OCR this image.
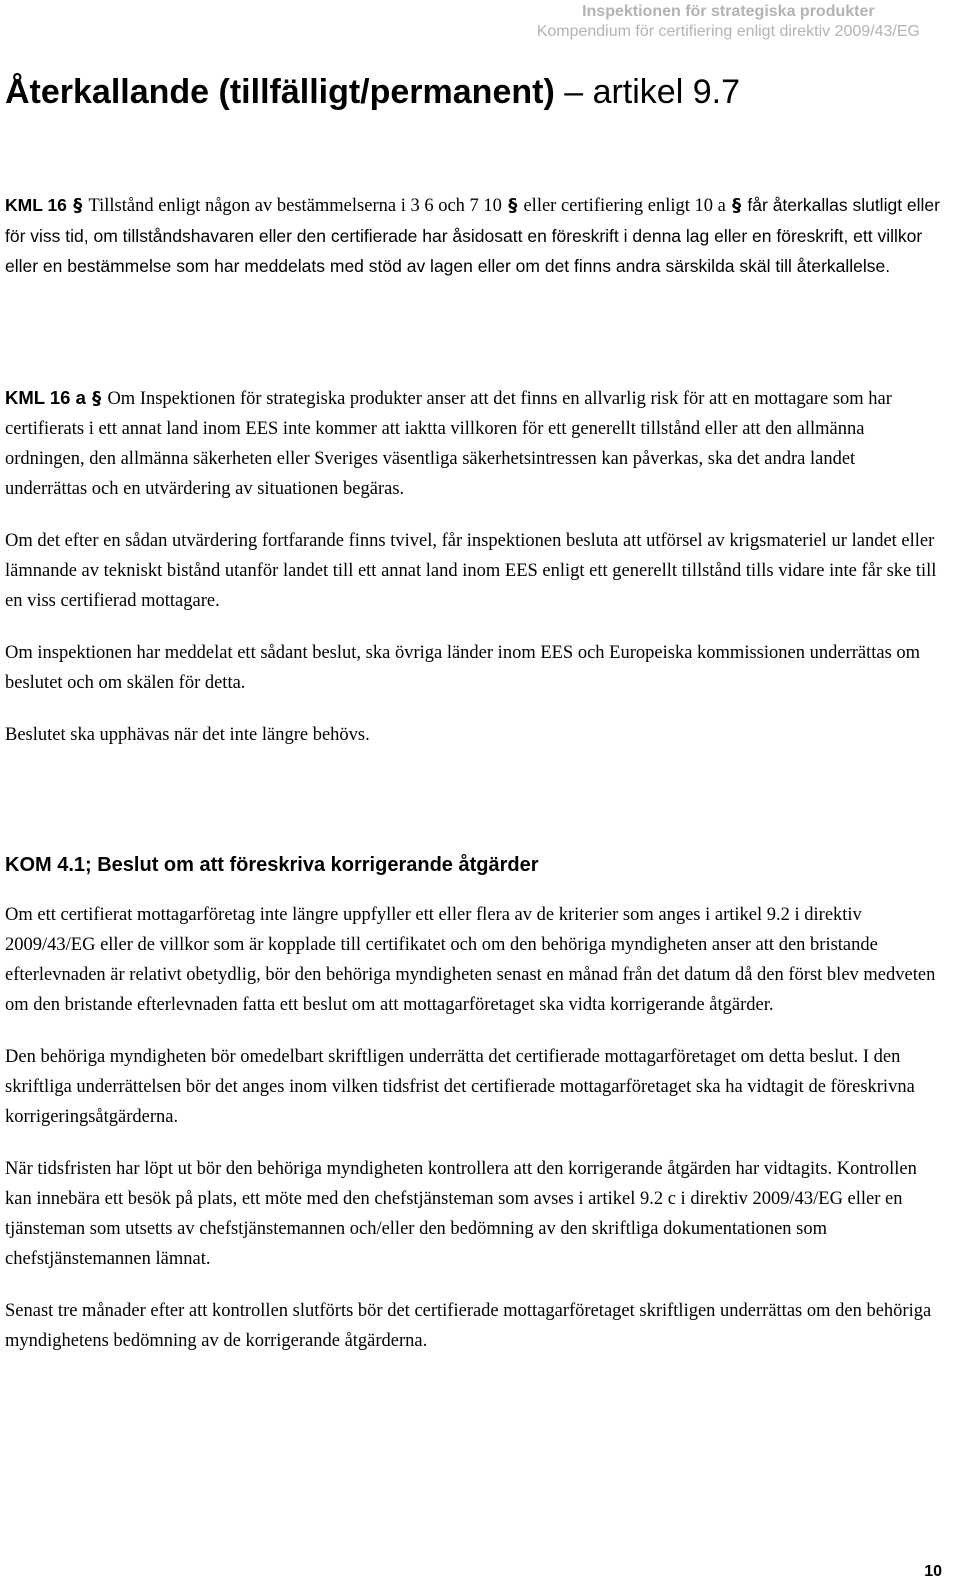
Inspektionen för strategiska produkter
Kompendium för certifiering enligt direktiv 2009/43/EG
Återkallande (tillfälligt/permanent) – artikel 9.7

KML 16 § Tillstånd enligt någon av bestämmelserna i 3 6 och 7 10 § eller certifiering enligt 10 a § får återkallas slutligt eller för viss tid, om tillståndshavaren eller den certifierade har åsidosatt en föreskrift i denna lag eller en föreskrift, ett villkor eller en bestämmelse som har meddelats med stöd av lagen eller om det finns andra särskilda skäl till återkallelse.

KML 16 a § Om Inspektionen för strategiska produkter anser att det finns en allvarlig risk för att en mottagare som har certifierats i ett annat land inom EES inte kommer att iaktta villkoren för ett generellt tillstånd eller att den allmänna ordningen, den allmänna säkerheten eller Sveriges väsentliga säkerhetsintressen kan påverkas, ska det andra landet underrättas och en utvärdering av situationen begäras.

Om det efter en sådan utvärdering fortfarande finns tvivel, får inspektionen besluta att utförsel av krigsmateriel ur landet eller lämnande av tekniskt bistånd utanför landet till ett annat land inom EES enligt ett generellt tillstånd tills vidare inte får ske till en viss certifierad mottagare.

Om inspektionen har meddelat ett sådant beslut, ska övriga länder inom EES och Europeiska kommissionen underrättas om beslutet och om skälen för detta.

Beslutet ska upphävas när det inte längre behövs.

KOM 4.1; Beslut om att föreskriva korrigerande åtgärder

Om ett certifierat mottagarföretag inte längre uppfyller ett eller flera av de kriterier som anges i artikel 9.2 i direktiv 2009/43/EG eller de villkor som är kopplade till certifikatet och om den behöriga myndigheten anser att den bristande efterlevnaden är relativt obetydlig, bör den behöriga myndigheten senast en månad från det datum då den först blev medveten om den bristande efterlevnaden fatta ett beslut om att mottagarföretaget ska vidta korrigerande åtgärder.

Den behöriga myndigheten bör omedelbart skriftligen underrätta det certifierade mottagarföretaget om detta beslut. I den skriftliga underrättelsen bör det anges inom vilken tidsfrist det certifierade mottagarföretaget ska ha vidtagit de föreskrivna korrigeringsåtgärderna.

När tidsfristen har löpt ut bör den behöriga myndigheten kontrollera att den korrigerande åtgärden har vidtagits. Kontrollen kan innebära ett besök på plats, ett möte med den chefstjänsteman som avses i artikel 9.2 c i direktiv 2009/43/EG eller en tjänsteman som utsetts av chefstjänstemannen och/eller den bedömning av den skriftliga dokumentationen som chefstjänstemannen lämnat.

Senast tre månader efter att kontrollen slutförts bör det certifierade mottagarföretaget skriftligen underrättas om den behöriga myndighetens bedömning av de korrigerande åtgärderna.

10
